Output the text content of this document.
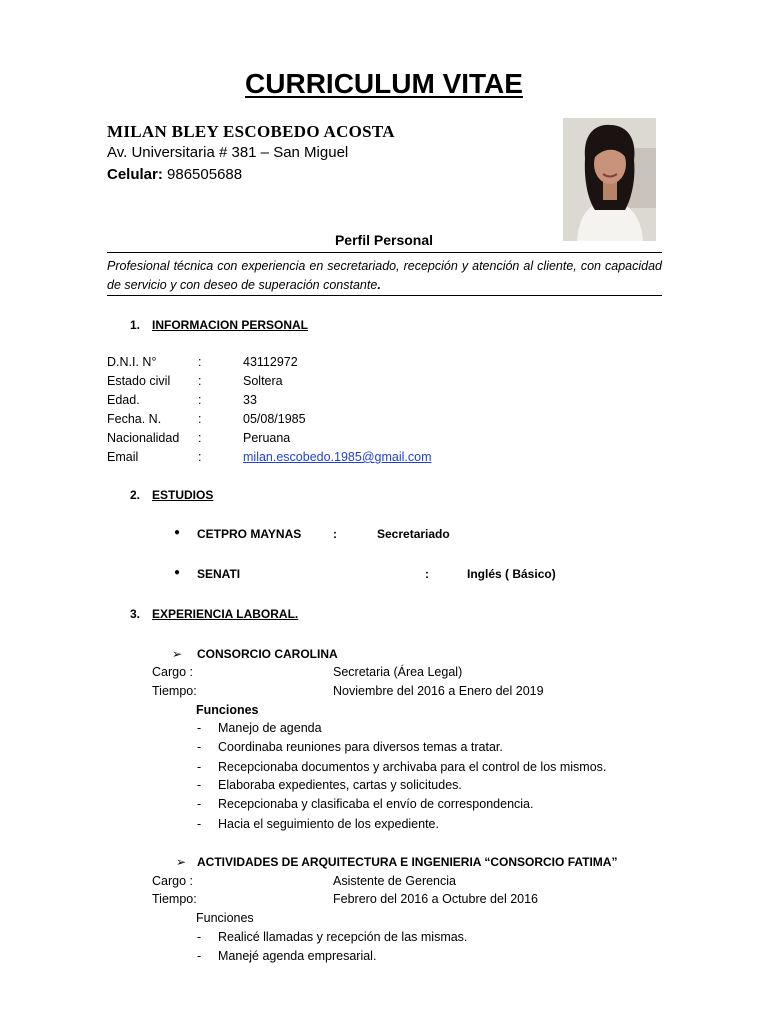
CURRICULUM VITAE
MILAN BLEY ESCOBEDO ACOSTA
Av. Universitaria # 381 – San Miguel
Celular: 986505688
Perfil Personal
Profesional técnica con experiencia en secretariado, recepción y atención al cliente, con capacidad de servicio y con deseo de superación constante.
1. INFORMACION PERSONAL
D.N.I. N°	:	43112972
Estado civil :	Soltera
Edad.	:	33
Fecha. N.	:	05/08/1985
Nacionalidad :	Peruana
Email	:	milan.escobedo.1985@gmail.com
2. ESTUDIOS
● CETPRO MAYNAS	:	Secretariado
● SENATI	:	Inglés ( Básico)
3. EXPERIENCIA LABORAL.
➢ CONSORCIO CAROLINA
Cargo :	Secretaria (Área Legal)
Tiempo:	Noviembre del 2016 a Enero del 2019
Funciones
- Manejo de agenda
- Coordinaba reuniones para diversos temas a tratar.
- Recepcionaba documentos y archivaba para el control de los mismos.
- Elaboraba expedientes, cartas y solicitudes.
- Recepcionaba y clasificaba el envío de correspondencia.
- Hacia el seguimiento de los expediente.
➢ ACTIVIDADES DE ARQUITECTURA E INGENIERIA “CONSORCIO FATIMA”
Cargo :	Asistente de Gerencia
Tiempo:	Febrero del 2016 a Octubre del 2016
Funciones
- Realicé llamadas y recepción de las mismas.
- Manejé agenda empresarial.
